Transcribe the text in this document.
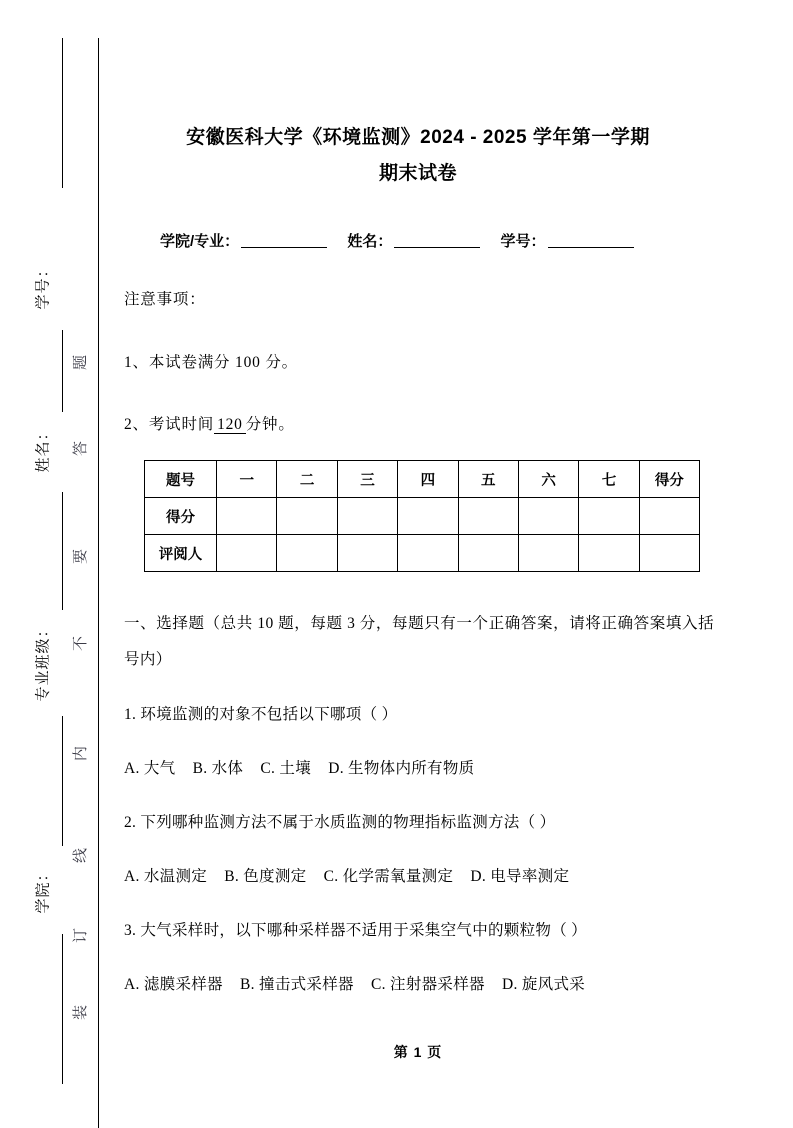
学号：
姓名：
专业班级：
学院：
题
答
要
不
内
线
订
装
安徽医科大学《环境监测》2024 - 2025 学年第一学期
期末试卷
学院/专业：	姓名：	学号：
注意事项：
1、本试卷满分 100 分。
2、考试时间 120 分钟。
题号	一	二	三	四	五	六	七	得分
得分								
评阅人								
一、选择题（总共 10 题，每题 3 分，每题只有一个正确答案，请将正确答案填入括号内）
1. 环境监测的对象不包括以下哪项（ ）
A. 大气 B. 水体 C. 土壤 D. 生物体内所有物质
2. 下列哪种监测方法不属于水质监测的物理指标监测方法（ ）
A. 水温测定 B. 色度测定 C. 化学需氧量测定 D. 电导率测定
3. 大气采样时，以下哪种采样器不适用于采集空气中的颗粒物（ ）
A. 滤膜采样器 B. 撞击式采样器 C. 注射器采样器 D. 旋风式采
第 1 页
